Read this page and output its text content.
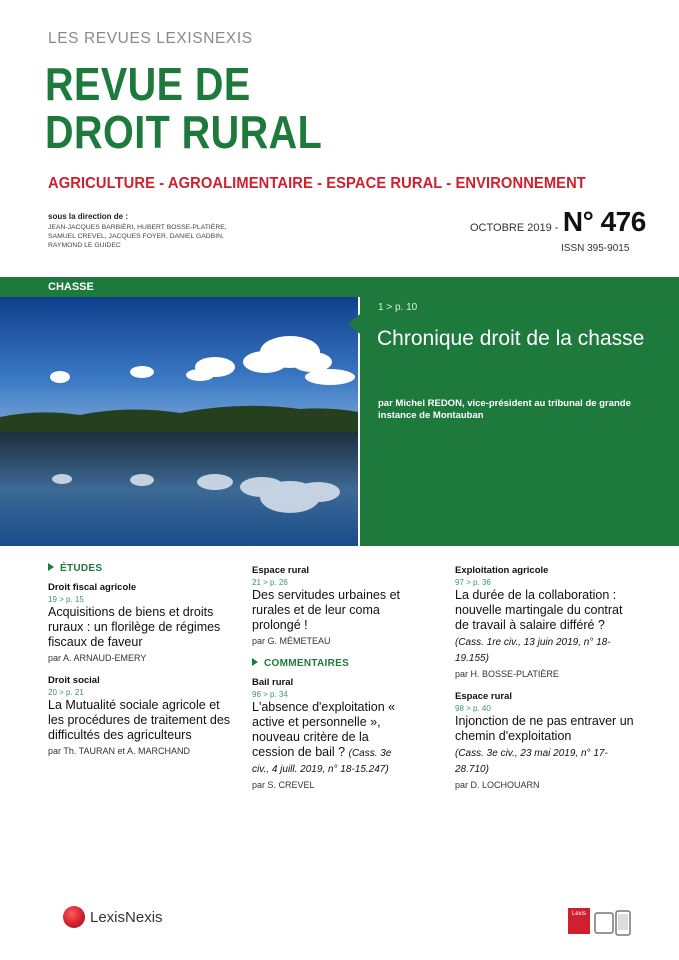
LES REVUES LEXISNEXIS
REVUE DE
DROIT RURAL
AGRICULTURE - AGROALIMENTAIRE - ESPACE RURAL - ENVIRONNEMENT
sous la direction de :
JEAN-JACQUES BARBIÈRI, HUBERT BOSSE-PLATIÈRE,
SAMUEL CREVEL, JACQUES FOYER, DANIEL GADBIN,
RAYMOND LE GUIDEC
OCTOBRE 2019 - N° 476
ISSN 395-9015
CHASSE
1 > p. 10
Chronique droit de la chasse
par Michel REDON, vice-président au tribunal de grande instance de Montauban
ÉTUDES
Droit fiscal agricole
19 > p. 15
Acquisitions de biens et droits ruraux : un florilège de régimes fiscaux de faveur
par A. ARNAUD-EMERY
Droit social
20 > p. 21
La Mutualité sociale agricole et les procédures de traitement des difficultés des agriculteurs
par Th. TAURAN et A. MARCHAND
Espace rural
21 > p. 26
Des servitudes urbaines et rurales et de leur coma prolongé !
par G. MÉMETEAU
COMMENTAIRES
Bail rural
96 > p. 34
L'absence d'exploitation « active et personnelle », nouveau critère de la cession de bail ? (Cass. 3e civ., 4 juill. 2019, n° 18-15.247)
par S. CREVEL
Exploitation agricole
97 > p. 36
La durée de la collaboration : nouvelle martingale du contrat de travail à salaire différé ?
(Cass. 1re civ., 13 juin 2019, n° 18-19.155)
par H. BOSSE-PLATIÈRE
Espace rural
98 > p. 40
Injonction de ne pas entraver un chemin d'exploitation
(Cass. 3e civ., 23 mai 2019, n° 17-28.710)
par D. LOCHOUARN
LexisNexis	Lexis
